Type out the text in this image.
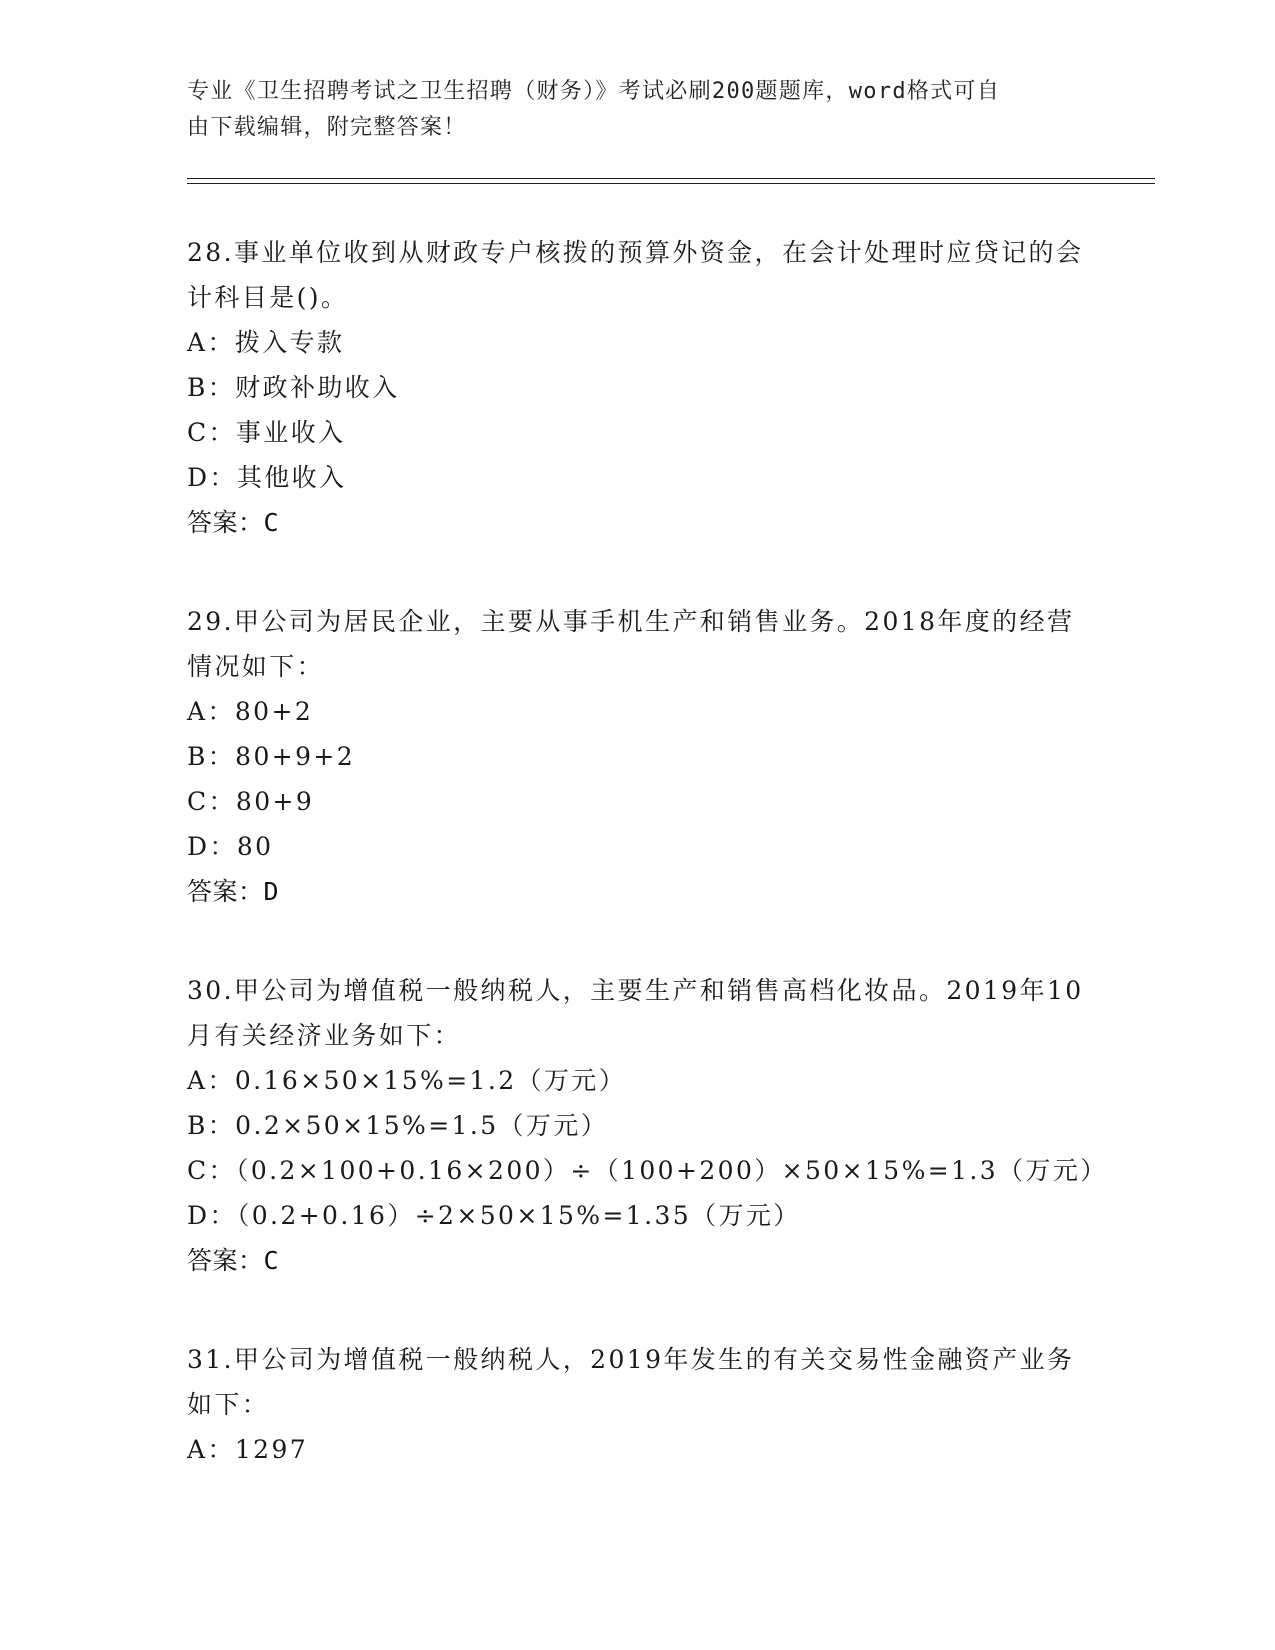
专业《卫生招聘考试之卫生招聘（财务）》考试必刷200题题库，word格式可自
由下载编辑，附完整答案！

28.事业单位收到从财政专户核拨的预算外资金，在会计处理时应贷记的会计科目是()。

A：拨入专款

B：财政补助收入

C：事业收入

D：其他收入

答案：C

29.甲公司为居民企业，主要从事手机生产和销售业务。2018年度的经营情况如下：

A：80+2

B：80+9+2

C：80+9

D：80

答案：D

30.甲公司为增值税一般纳税人，主要生产和销售高档化妆品。2019年10月有关经济业务如下：

A：0.16×50×15%=1.2（万元）

B：0.2×50×15%=1.5（万元）

C：（0.2×100+0.16×200）÷（100+200）×50×15%=1.3（万元）

D：（0.2+0.16）÷2×50×15%=1.35（万元）

答案：C

31.甲公司为增值税一般纳税人，2019年发生的有关交易性金融资产业务如下：

A：1297
